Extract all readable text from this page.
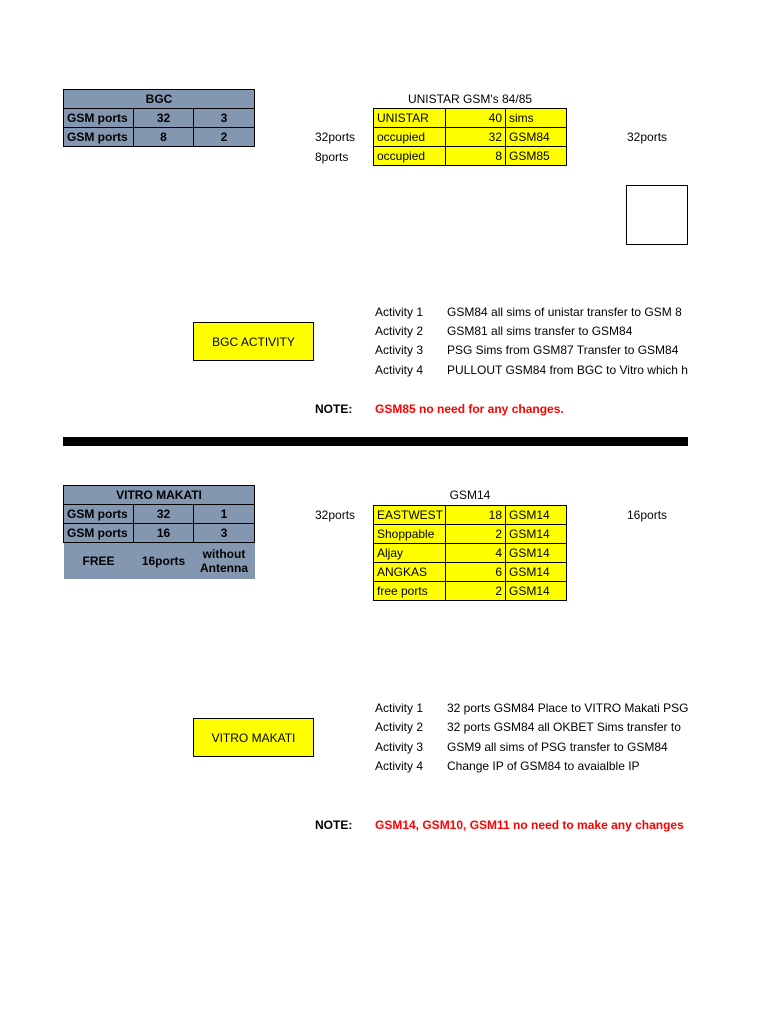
BGC		
GSM ports	32	3
GSM ports	8	2	32ports
8ports
UNISTAR GSM's 84/85
UNISTAR	40	sims
occupied	32	GSM84
occupied	8	GSM85
32ports
BGC ACTIVITY
Activity 1 GSM84 all sims of unistar transfer to GSM 8
Activity 2 GSM81 all sims transfer to GSM84
Activity 3 PSG Sims from GSM87 Transfer to GSM84
Activity 4 PULLOUT GSM84 from BGC to Vitro which h
NOTE: GSM85 no need for any changes.
VITRO MAKATI		
GSM ports	32	1
GSM ports	16	3
FREE	16ports	without Antenna
32ports
GSM14
EASTWEST	18	GSM14
Shoppable	2	GSM14
Aljay	4	GSM14
ANGKAS	6	GSM14
free ports	2	GSM14
16ports
VITRO MAKATI
Activity 1 32 ports GSM84 Place to VITRO Makati PSG
Activity 2 32 ports GSM84 all OKBET Sims transfer to
Activity 3 GSM9 all sims of PSG transfer to GSM84
Activity 4 Change IP of GSM84 to avaialble IP
NOTE: GSM14, GSM10, GSM11 no need to make any changes
